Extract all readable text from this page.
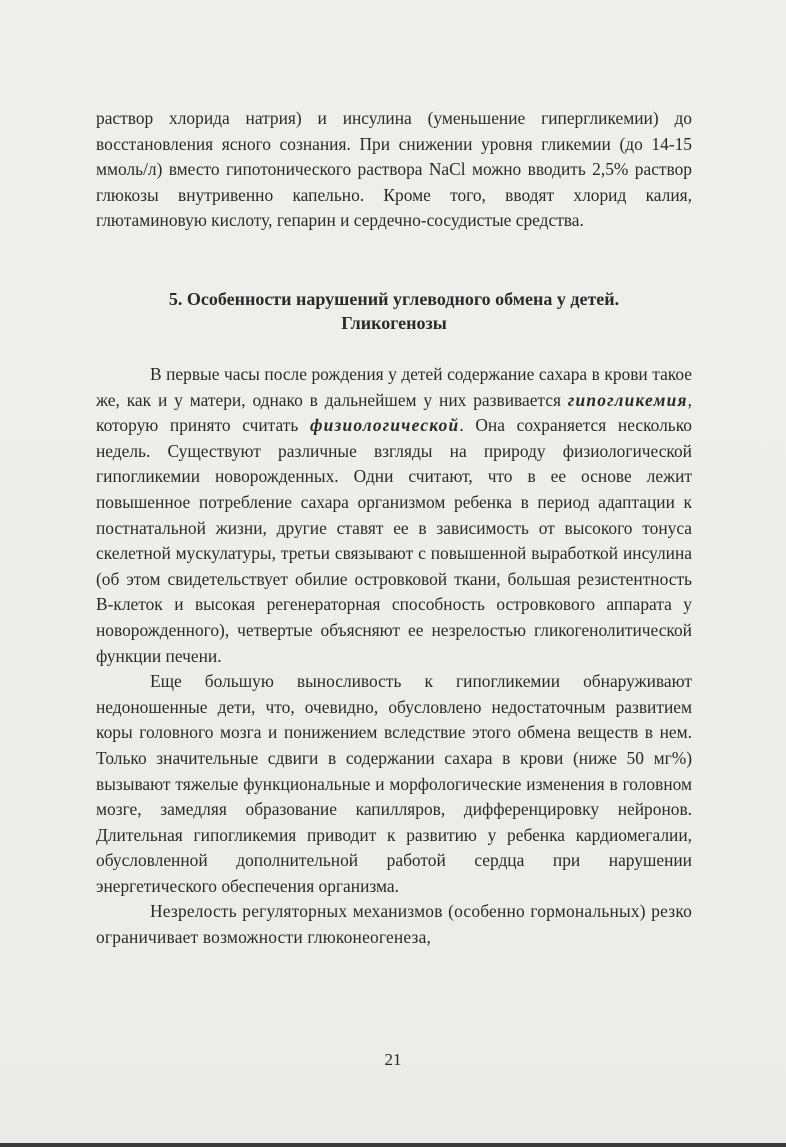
раствор хлорида натрия) и инсулина (уменьшение гипергликемии) до восстановления ясного сознания. При снижении уровня гликемии (до 14-15 ммоль/л) вместо гипотонического раствора NaCl можно вводить 2,5% раствор глюкозы внутривенно капельно. Кроме того, вводят хлорид калия, глютаминовую кислоту, гепарин и сердечно-сосудистые средства.
5. Особенности нарушений углеводного обмена у детей.
Гликогенозы

В первые часы после рождения у детей содержание сахара в крови такое же, как и у матери, однако в дальнейшем у них развивается гипогликемия, которую принято считать физиологической. Она сохраняется несколько недель. Существуют различные взгляды на природу физиологической гипогликемии новорожденных. Одни считают, что в ее основе лежит повышенное потребление сахара организмом ребенка в период адаптации к постнатальной жизни, другие ставят ее в зависимость от высокого тонуса скелетной мускулатуры, третьи связывают с повышенной выработкой инсулина (об этом свидетельствует обилие островковой ткани, большая резистентность В-клеток и высокая регенераторная способность островкового аппарата у новорожденного), четвертые объясняют ее незрелостью гликогенолитической функции печени.

Еще большую выносливость к гипогликемии обнаруживают недоношенные дети, что, очевидно, обусловлено недостаточным развитием коры головного мозга и понижением вследствие этого обмена веществ в нем. Только значительные сдвиги в содержании сахара в крови (ниже 50 мг%) вызывают тяжелые функциональные и морфологические изменения в головном мозге, замедляя образование капилляров, дифференцировку нейронов. Длительная гипогликемия приводит к развитию у ребенка кардиомегалии, обусловленной дополнительной работой сердца при нарушении энергетического обеспечения организма.

Незрелость регуляторных механизмов (особенно гормональных) резко ограничивает возможности глюконеогенеза,

21
